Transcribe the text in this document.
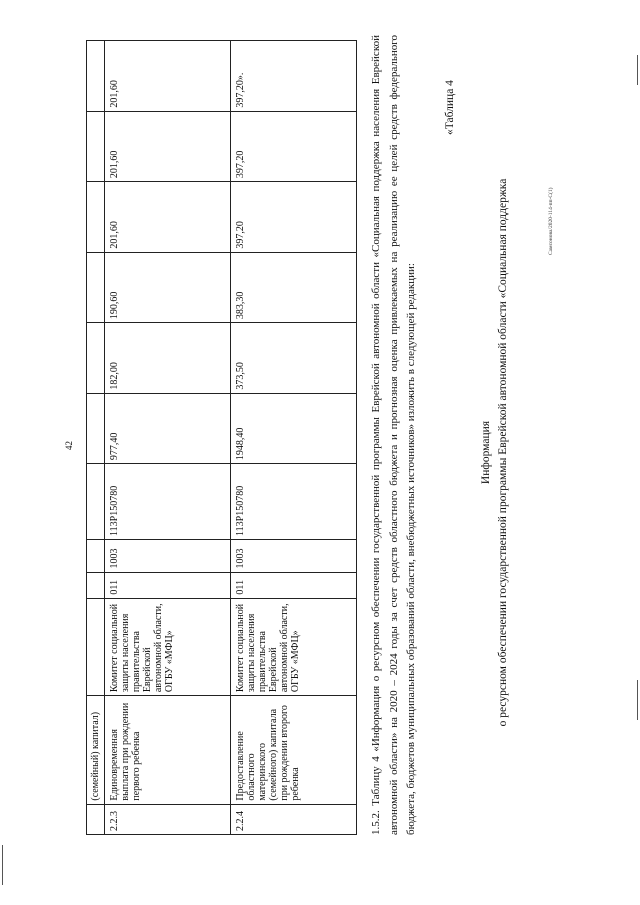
42
	(семейный) капитал)										
2.2.3	Единовременная выплата при рождении первого ребенка	Комитет социальной защиты населения правительства Еврейской автономной области, ОГБУ «МФЦ»	011	1003	113P150780	977,40	182,00	190,60	201,60	201,60	201,60
2.2.4	Предоставление областного материнского (семейного) капитала при рождении второго ребенка	Комитет социальной защиты населения правительства Еврейской автономной области, ОГБУ «МФЦ»	011	1003	113P150780	1948,40	373,50	383,30	397,20	397,20	397,20».	1.5.2. Таблицу 4 «Информация о ресурсном обеспечении государственной программы Еврейской автономной области «Социальная поддержка населения Еврейской автономной области» на 2020 – 2024 годы за счет средств областного бюджета и прогнозная оценка привлекаемых на реализацию ее целей средств федерального бюджета, бюджетов муниципальных образований области, внебюджетных источников» изложить в следующей редакции:

«Таблица 4
Информация о ресурсном обеспечении государственной программы Еврейской автономной области «Социальная поддержка	Самсонова/2020-114-пп-С(1)
